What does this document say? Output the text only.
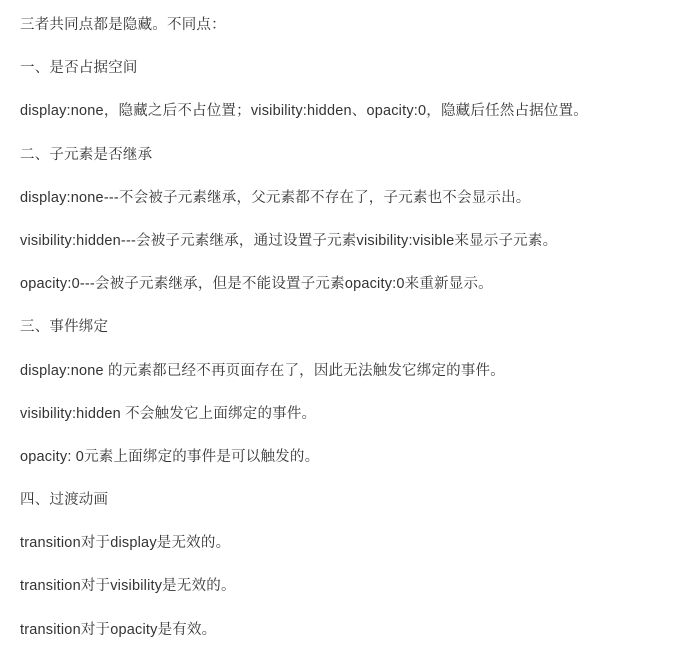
三者共同点都是隐藏。不同点：

一、是否占据空间

display:none，隐藏之后不占位置；visibility:hidden、opacity:0，隐藏后任然占据位置。

二、子元素是否继承

display:none---不会被子元素继承，父元素都不存在了，子元素也不会显示出。

visibility:hidden---会被子元素继承，通过设置子元素visibility:visible来显示子元素。

opacity:0---会被子元素继承，但是不能设置子元素opacity:0来重新显示。

三、事件绑定

display:none 的元素都已经不再页面存在了，因此无法触发它绑定的事件。

visibility:hidden 不会触发它上面绑定的事件。

opacity: 0元素上面绑定的事件是可以触发的。

四、过渡动画

transition对于display是无效的。

transition对于visibility是无效的。

transition对于opacity是有效。
